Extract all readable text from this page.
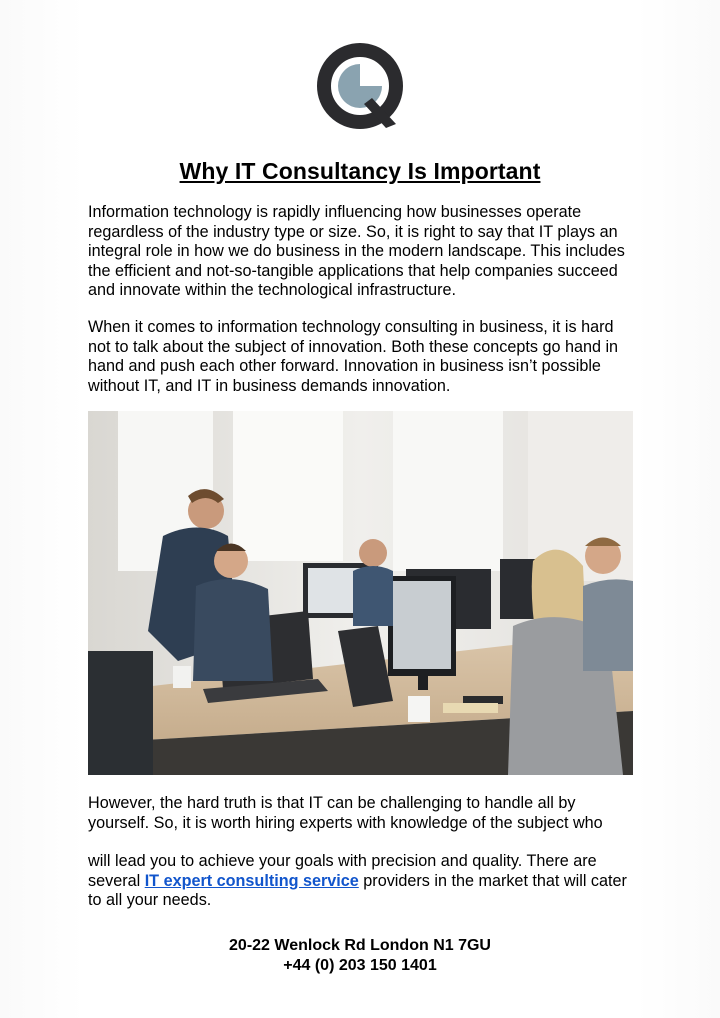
Why IT Consultancy Is Important

Information technology is rapidly influencing how businesses operate regardless of the industry type or size. So, it is right to say that IT plays an integral role in how we do business in the modern landscape. This includes the efficient and not-so-tangible applications that help companies succeed and innovate within the technological infrastructure.

When it comes to information technology consulting in business, it is hard not to talk about the subject of innovation. Both these concepts go hand in hand and push each other forward. Innovation in business isn’t possible without IT, and IT in business demands innovation.

However, the hard truth is that IT can be challenging to handle all by yourself. So, it is worth hiring experts with knowledge of the subject who

will lead you to achieve your goals with precision and quality. There are several IT expert consulting service providers in the market that will cater to all your needs.

20-22 Wenlock Rd London N1 7GU
+44 (0) 203 150 1401
